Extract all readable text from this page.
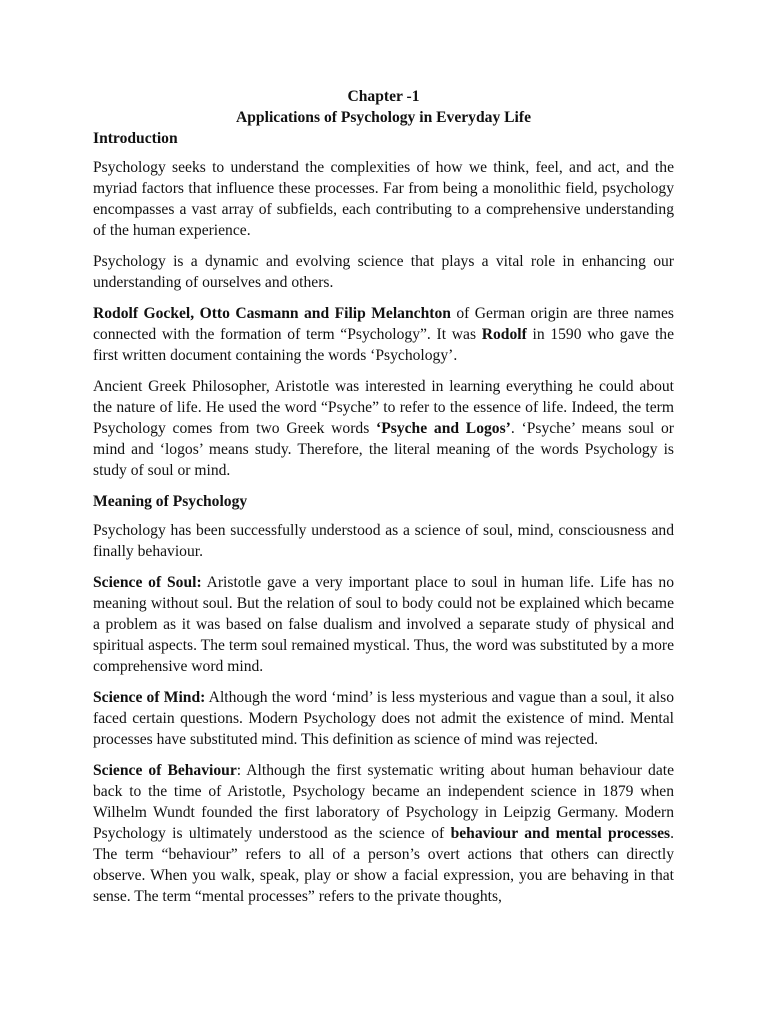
Chapter -1

Applications of Psychology in Everyday Life

Introduction

Psychology seeks to understand the complexities of how we think, feel, and act, and the myriad factors that influence these processes. Far from being a monolithic field, psychology encompasses a vast array of subfields, each contributing to a comprehensive understanding of the human experience.

Psychology is a dynamic and evolving science that plays a vital role in enhancing our understanding of ourselves and others.

Rodolf Gockel, Otto Casmann and Filip Melanchton of German origin are three names connected with the formation of term “Psychology”. It was Rodolf in 1590 who gave the first written document containing the words ‘Psychology’.

Ancient Greek Philosopher, Aristotle was interested in learning everything he could about the nature of life. He used the word “Psyche” to refer to the essence of life. Indeed, the term Psychology comes from two Greek words ‘Psyche and Logos’. ‘Psyche’ means soul or mind and ‘logos’ means study. Therefore, the literal meaning of the words Psychology is study of soul or mind.

Meaning of Psychology

Psychology has been successfully understood as a science of soul, mind, consciousness and finally behaviour.

Science of Soul: Aristotle gave a very important place to soul in human life. Life has no meaning without soul. But the relation of soul to body could not be explained which became a problem as it was based on false dualism and involved a separate study of physical and spiritual aspects. The term soul remained mystical. Thus, the word was substituted by a more comprehensive word mind.

Science of Mind: Although the word ‘mind’ is less mysterious and vague than a soul, it also faced certain questions. Modern Psychology does not admit the existence of mind. Mental processes have substituted mind. This definition as science of mind was rejected.

Science of Behaviour: Although the first systematic writing about human behaviour date back to the time of Aristotle, Psychology became an independent science in 1879 when Wilhelm Wundt founded the first laboratory of Psychology in Leipzig Germany. Modern Psychology is ultimately understood as the science of behaviour and mental processes. The term “behaviour” refers to all of a person’s overt actions that others can directly observe. When you walk, speak, play or show a facial expression, you are behaving in that sense. The term “mental processes” refers to the private thoughts,
